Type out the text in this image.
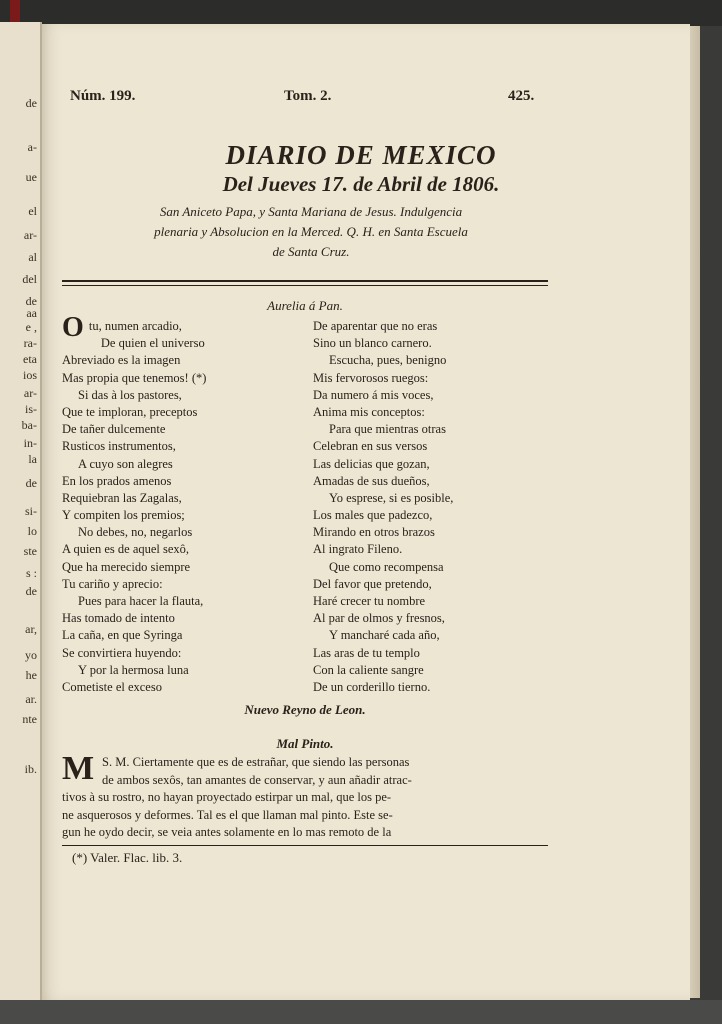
de
a-
ue
el
ar-
al
del
de
aa
e ,
ra-
eta
ios
ar-
is-
ba-
in-
la
de
si-
lo
ste
s :
de
ar,
yo
he
ar.
nte
ib.
Núm. 199.	Tom. 2.	425.
DIARIO DE MEXICO
Del Jueves 17. de Abril de 1806.
San Aniceto Papa, y Santa Mariana de Jesus. Indulgencia
plenaria y Absolucion en la Merced. Q. H. en Santa Escuela
de Santa Cruz.
Aurelia á Pan.
O tu, numen arcadio,
De quien el universo
Abreviado es la imagen
Mas propia que tenemos! (*)
Si das à los pastores,
Que te imploran, preceptos
De tañer dulcemente
Rusticos instrumentos,
A cuyo son alegres
En los prados amenos
Requiebran las Zagalas,
Y compiten los premios;
No debes, no, negarlos
A quien es de aquel sexô,
Que ha merecido siempre
Tu cariño y aprecio:
Pues para hacer la flauta,
Has tomado de intento
La caña, en que Syringa
Se convirtiera huyendo:
Y por la hermosa luna
Cometiste el exceso
De aparentar que no eras
Sino un blanco carnero.
Escucha, pues, benigno
Mis fervorosos ruegos:
Da numero á mis voces,
Anima mis conceptos:
Para que mientras otras
Celebran en sus versos
Las delicias que gozan,
Amadas de sus dueños,
Yo esprese, si es posible,
Los males que padezco,
Mirando en otros brazos
Al ingrato Fileno.
Que como recompensa
Del favor que pretendo,
Haré crecer tu nombre
Al par de olmos y fresnos,
Y mancharé cada año,
Las aras de tu templo
Con la caliente sangre
De un corderillo tierno.
Nuevo Reyno de Leon.
Mal Pinto.
M S. M. Ciertamente que es de estrañar, que siendo las personas
de ambos sexôs, tan amantes de conservar, y aun añadir atrac-
tivos à su rostro, no hayan proyectado estirpar un mal, que los pe-
ne asquerosos y deformes. Tal es el que llaman mal pinto. Este se-
gun he oydo decir, se veia antes solamente en lo mas remoto de la
(*) Valer. Flac. lib. 3.
